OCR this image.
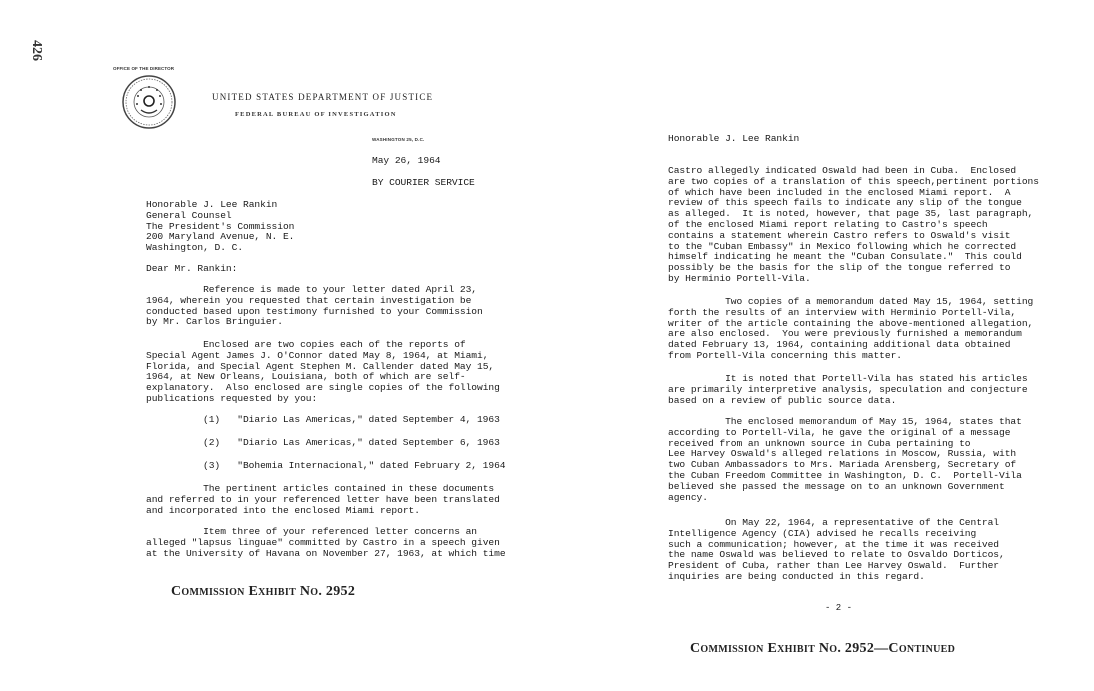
426
OFFICE OF THE DIRECTOR
UNITED STATES DEPARTMENT OF JUSTICE
FEDERAL BUREAU OF INVESTIGATION
WASHINGTON 25, D.C.
May 26, 1964
BY COURIER SERVICE
Honorable J. Lee Rankin
General Counsel
The President's Commission
200 Maryland Avenue, N. E.
Washington, D. C.
Dear Mr. Rankin:
Reference is made to your letter dated April 23,
1964, wherein you requested that certain investigation be
conducted based upon testimony furnished to your Commission
by Mr. Carlos Bringuier.
Enclosed are two copies each of the reports of
Special Agent James J. O'Connor dated May 8, 1964, at Miami,
Florida, and Special Agent Stephen M. Callender dated May 15,
1964, at New Orleans, Louisiana, both of which are self-
explanatory.  Also enclosed are single copies of the following
publications requested by you:
(1) "Diario Las Americas," dated September 4, 1963
(2) "Diario Las Americas," dated September 6, 1963
(3) "Bohemia Internacional," dated February 2, 1964
The pertinent articles contained in these documents
and referred to in your referenced letter have been translated
and incorporated into the enclosed Miami report.
Item three of your referenced letter concerns an
alleged "lapsus linguae" committed by Castro in a speech given
at the University of Havana on November 27, 1963, at which time
Commission Exhibit No. 2952
Honorable J. Lee Rankin
Castro allegedly indicated Oswald had been in Cuba.  Enclosed
are two copies of a translation of this speech,pertinent portions
of which have been included in the enclosed Miami report.  A
review of this speech fails to indicate any slip of the tongue
as alleged.  It is noted, however, that page 35, last paragraph,
of the enclosed Miami report relating to Castro's speech
contains a statement wherein Castro refers to Oswald's visit
to the "Cuban Embassy" in Mexico following which he corrected
himself indicating he meant the "Cuban Consulate."  This could
possibly be the basis for the slip of the tongue referred to
by Herminio Portell-Vila.
Two copies of a memorandum dated May 15, 1964, setting
forth the results of an interview with Herminio Portell-Vila,
writer of the article containing the above-mentioned allegation,
are also enclosed.  You were previously furnished a memorandum
dated February 13, 1964, containing additional data obtained
from Portell-Vila concerning this matter.
It is noted that Portell-Vila has stated his articles
are primarily interpretive analysis, speculation and conjecture
based on a review of public source data.
The enclosed memorandum of May 15, 1964, states that
according to Portell-Vila, he gave the original of a message
received from an unknown source in Cuba pertaining to
Lee Harvey Oswald's alleged relations in Moscow, Russia, with
two Cuban Ambassadors to Mrs. Mariada Arensberg, Secretary of
the Cuban Freedom Committee in Washington, D. C.  Portell-Vila
believed she passed the message on to an unknown Government
agency.
On May 22, 1964, a representative of the Central
Intelligence Agency (CIA) advised he recalls receiving
such a communication; however, at the time it was received
the name Oswald was believed to relate to Osvaldo Dorticos,
President of Cuba, rather than Lee Harvey Oswald.  Further
inquiries are being conducted in this regard.
- 2 -
Commission Exhibit No. 2952—Continued
